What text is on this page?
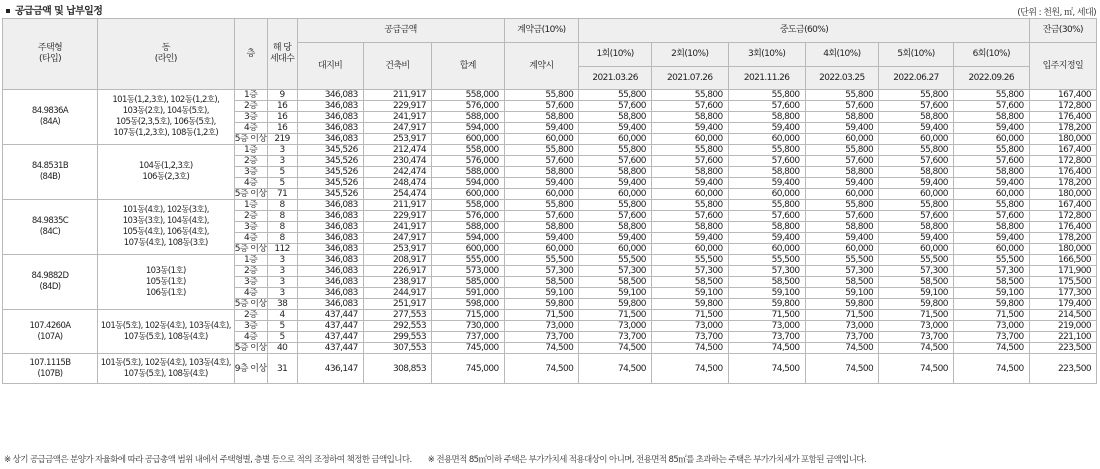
공급금액 및 납부일정	(단위 : 천원, ㎡, 세대)
주택형
(타입)	동
(라인)	층	해 당
세대수	공급금액			계약금(10%)	중도금(60%)						잔금(30%)
				대지비	건축비	합계	계약시	1회(10%)	2회(10%)	3회(10%)	4회(10%)	5회(10%)	6회(10%)	입주지정일
								2021.03.26	2021.07.26	2021.11.26	2022.03.25	2022.06.27	2022.09.26	
84.9836A
(84A)	101동(1,2,3호), 102동(1,2호),
103동(2호), 104동(5호),
105동(2,3,5호), 106동(5호),
107동(1,2,3호), 108동(1,2호)	1층	9	346,083	211,917	558,000	55,800	55,800	55,800	55,800	55,800	55,800	55,800	167,400
		2층	16	346,083	229,917	576,000	57,600	57,600	57,600	57,600	57,600	57,600	57,600	172,800
		3층	16	346,083	241,917	588,000	58,800	58,800	58,800	58,800	58,800	58,800	58,800	176,400
		4층	16	346,083	247,917	594,000	59,400	59,400	59,400	59,400	59,400	59,400	59,400	178,200
		5층 이상	219	346,083	253,917	600,000	60,000	60,000	60,000	60,000	60,000	60,000	60,000	180,000
84.8531B
(84B)	104동(1,2,3호)
106동(2,3호)	1층	3	345,526	212,474	558,000	55,800	55,800	55,800	55,800	55,800	55,800	55,800	167,400
		2층	3	345,526	230,474	576,000	57,600	57,600	57,600	57,600	57,600	57,600	57,600	172,800
		3층	5	345,526	242,474	588,000	58,800	58,800	58,800	58,800	58,800	58,800	58,800	176,400
		4층	5	345,526	248,474	594,000	59,400	59,400	59,400	59,400	59,400	59,400	59,400	178,200
		5층 이상	71	345,526	254,474	600,000	60,000	60,000	60,000	60,000	60,000	60,000	60,000	180,000
84.9835C
(84C)	101동(4호), 102동(3호),
103동(3호), 104동(4호),
105동(4호), 106동(4호),
107동(4호), 108동(3호)	1층	8	346,083	211,917	558,000	55,800	55,800	55,800	55,800	55,800	55,800	55,800	167,400
		2층	8	346,083	229,917	576,000	57,600	57,600	57,600	57,600	57,600	57,600	57,600	172,800
		3층	8	346,083	241,917	588,000	58,800	58,800	58,800	58,800	58,800	58,800	58,800	176,400
		4층	8	346,083	247,917	594,000	59,400	59,400	59,400	59,400	59,400	59,400	59,400	178,200
		5층 이상	112	346,083	253,917	600,000	60,000	60,000	60,000	60,000	60,000	60,000	60,000	180,000
84.9882D
(84D)	103동(1호)
105동(1호)
106동(1호)	1층	3	346,083	208,917	555,000	55,500	55,500	55,500	55,500	55,500	55,500	55,500	166,500
		2층	3	346,083	226,917	573,000	57,300	57,300	57,300	57,300	57,300	57,300	57,300	171,900
		3층	3	346,083	238,917	585,000	58,500	58,500	58,500	58,500	58,500	58,500	58,500	175,500
		4층	3	346,083	244,917	591,000	59,100	59,100	59,100	59,100	59,100	59,100	59,100	177,300
		5층 이상	38	346,083	251,917	598,000	59,800	59,800	59,800	59,800	59,800	59,800	59,800	179,400
107.4260A
(107A)	101동(5호), 102동(4호), 103동(4호),
107동(5호), 108동(4호)	2층	4	437,447	277,553	715,000	71,500	71,500	71,500	71,500	71,500	71,500	71,500	214,500
		3층	5	437,447	292,553	730,000	73,000	73,000	73,000	73,000	73,000	73,000	73,000	219,000
		4층	5	437,447	299,553	737,000	73,700	73,700	73,700	73,700	73,700	73,700	73,700	221,100
		5층 이상	40	437,447	307,553	745,000	74,500	74,500	74,500	74,500	74,500	74,500	74,500	223,500
107.1115B
(107B)	101동(5호), 102동(4호), 103동(4호),
107동(5호), 108동(4호)	9층 이상	31	436,147	308,853	745,000	74,500	74,500	74,500	74,500	74,500	74,500	74,500	223,500
※ 상기 공급금액은 분양가 자율화에 따라 공급총액 범위 내에서 주택형별, 층별 등으로 적의 조정하여 책정한 금액입니다. ※ 전용면적 85㎡이하 주택은 부가가치세 적용대상이 아니며, 전용면적 85㎡를 초과하는 주택은 부가가치세가 포함된 금액입니다.
